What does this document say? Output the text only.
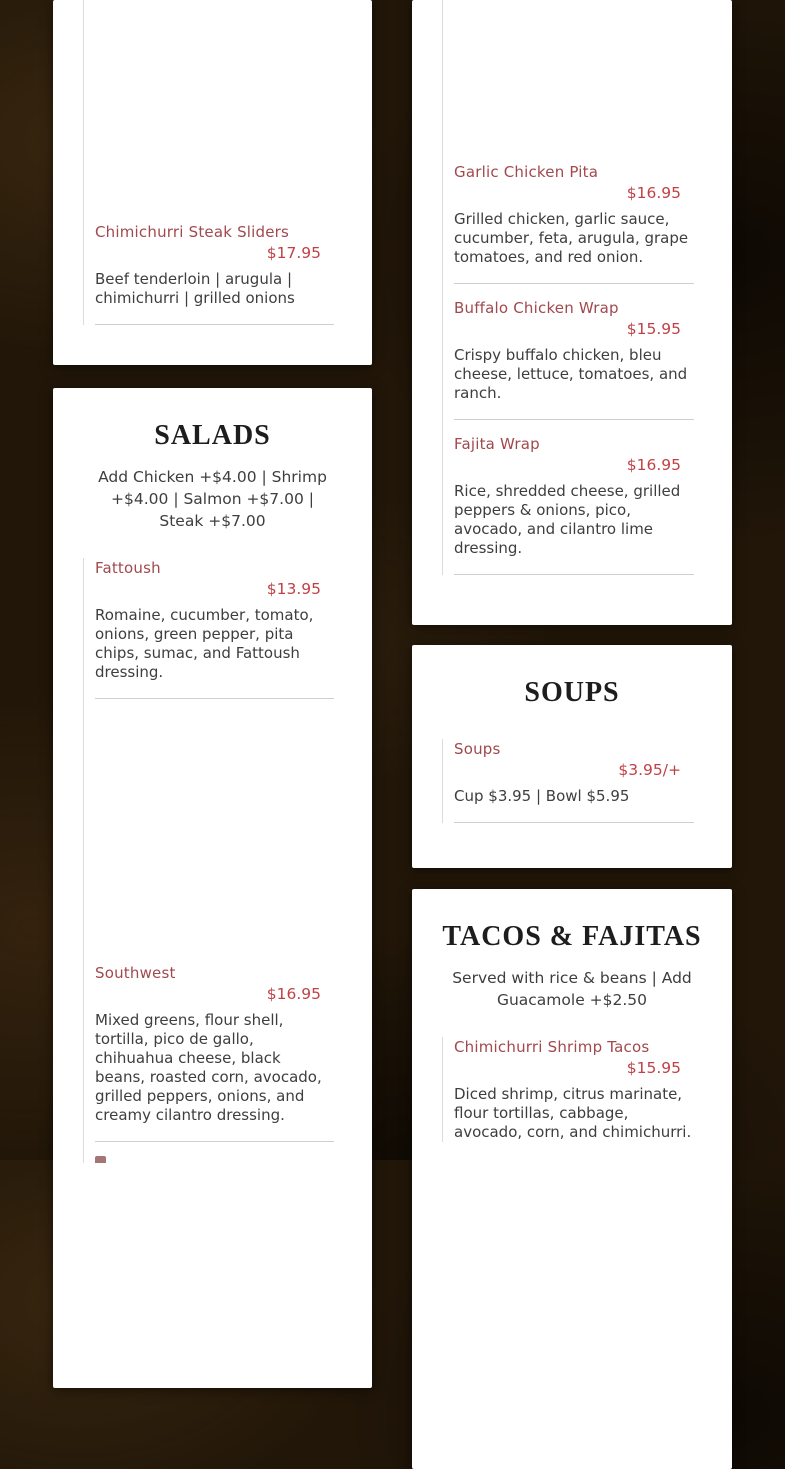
Chimichurri Steak Sliders
$17.95

Beef tenderloin | arugula | chimichurri | grilled onions

SALADS
Add Chicken +$4.00 | Shrimp +$4.00 | Salmon +$7.00 | Steak +$7.00
Fattoush
$13.95

Romaine, cucumber, tomato, onions, green pepper, pita chips, sumac, and Fattoush dressing.

Southwest
$16.95

Mixed greens, flour shell, tortilla, pico de gallo, chihuahua cheese, black beans, roasted corn, avocado, grilled peppers, onions, and creamy cilantro dressing.

Garlic Chicken Pita
$16.95

Grilled chicken, garlic sauce, cucumber, feta, arugula, grape tomatoes, and red onion.

Buffalo Chicken Wrap
$15.95

Crispy buffalo chicken, bleu cheese, lettuce, tomatoes, and ranch.

Fajita Wrap
$16.95

Rice, shredded cheese, grilled peppers & onions, pico, avocado, and cilantro lime dressing.

SOUPS
Soups
$3.95/+

Cup $3.95 | Bowl $5.95

TACOS & FAJITAS
Served with rice & beans | Add Guacamole +$2.50
Chimichurri Shrimp Tacos
$15.95

Diced shrimp, citrus marinate, flour tortillas, cabbage, avocado, corn, and chimichurri.
